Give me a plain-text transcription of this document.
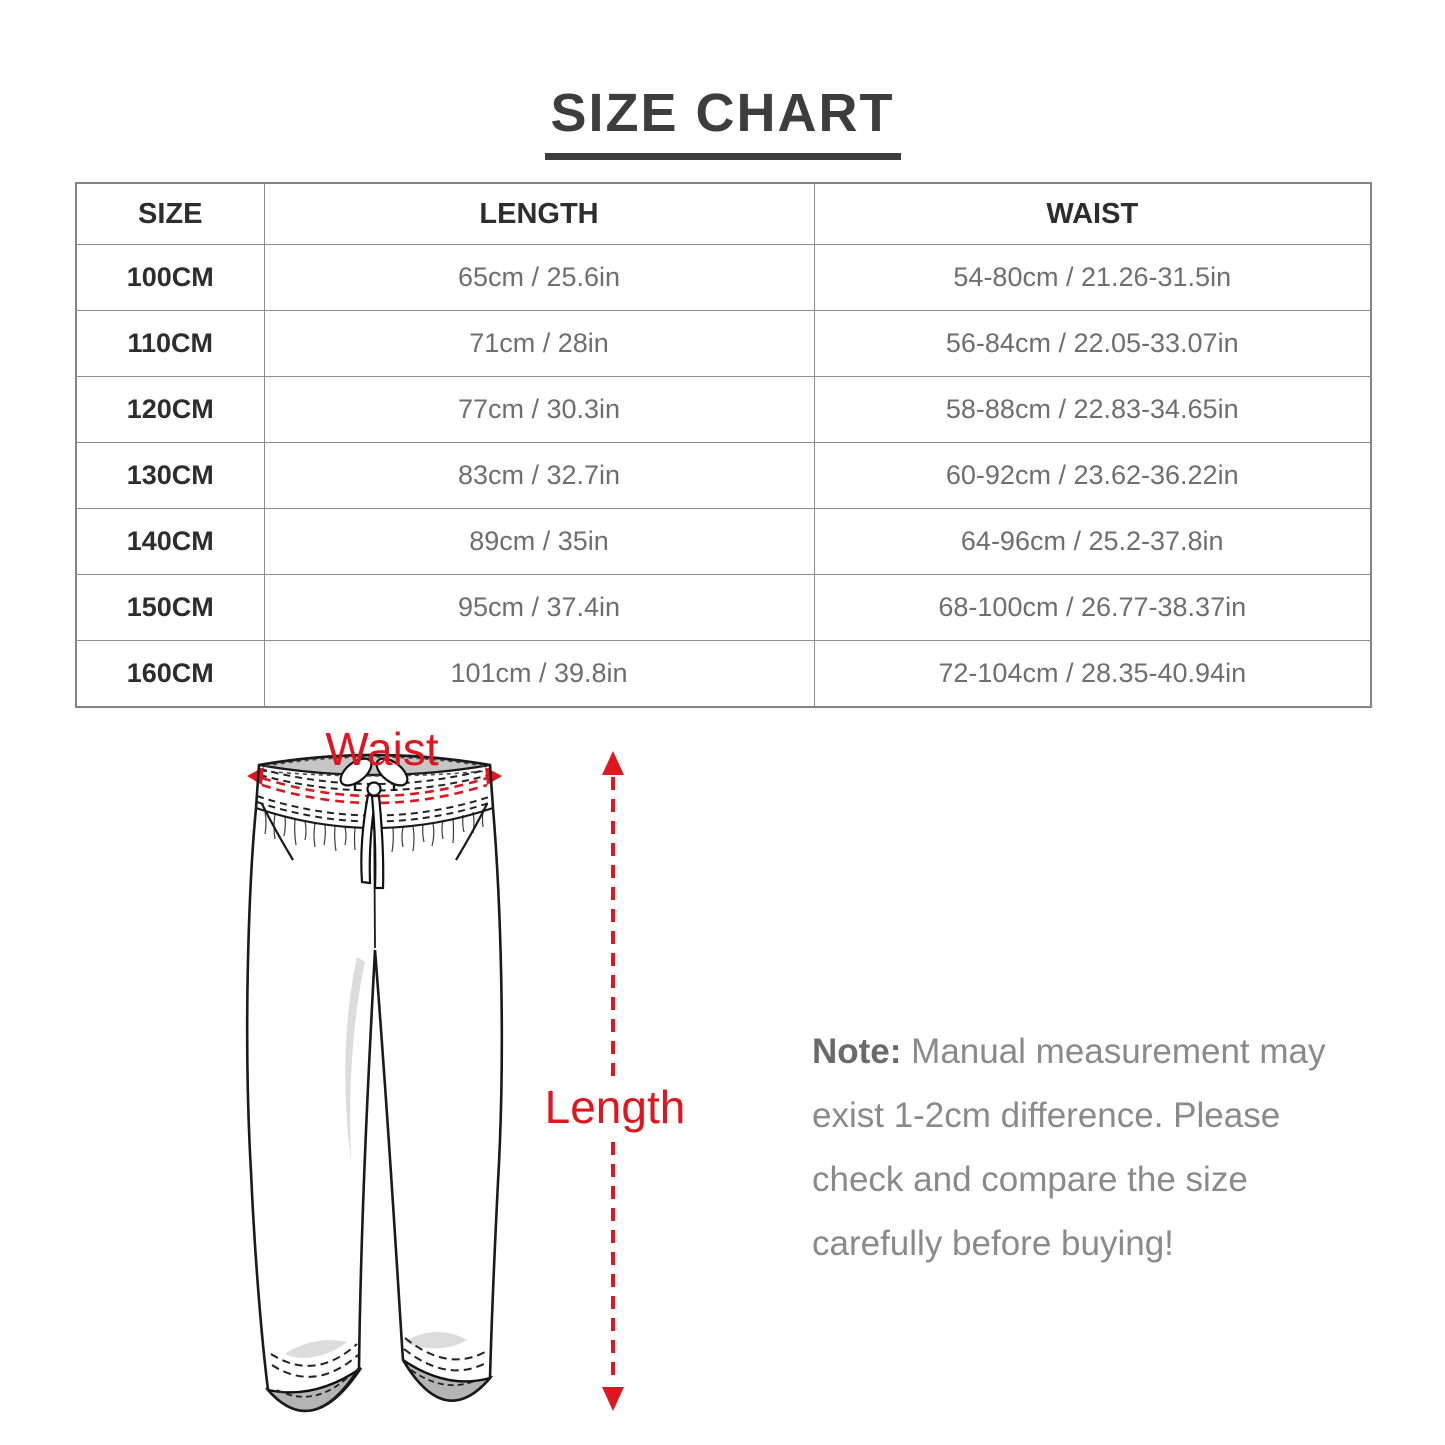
SIZE CHART
SIZE	LENGTH	WAIST
100CM	65cm / 25.6in	54-80cm / 21.26-31.5in
110CM	71cm / 28in	56-84cm / 22.05-33.07in
120CM	77cm / 30.3in	58-88cm / 22.83-34.65in
130CM	83cm / 32.7in	60-92cm / 23.62-36.22in
140CM	89cm / 35in	64-96cm / 25.2-37.8in
150CM	95cm / 37.4in	68-100cm / 26.77-38.37in
160CM	101cm / 39.8in	72-104cm / 28.35-40.94in
Waist
Length
Note: Manual measurement may exist 1-2cm difference. Please check and compare the size carefully before buying!
